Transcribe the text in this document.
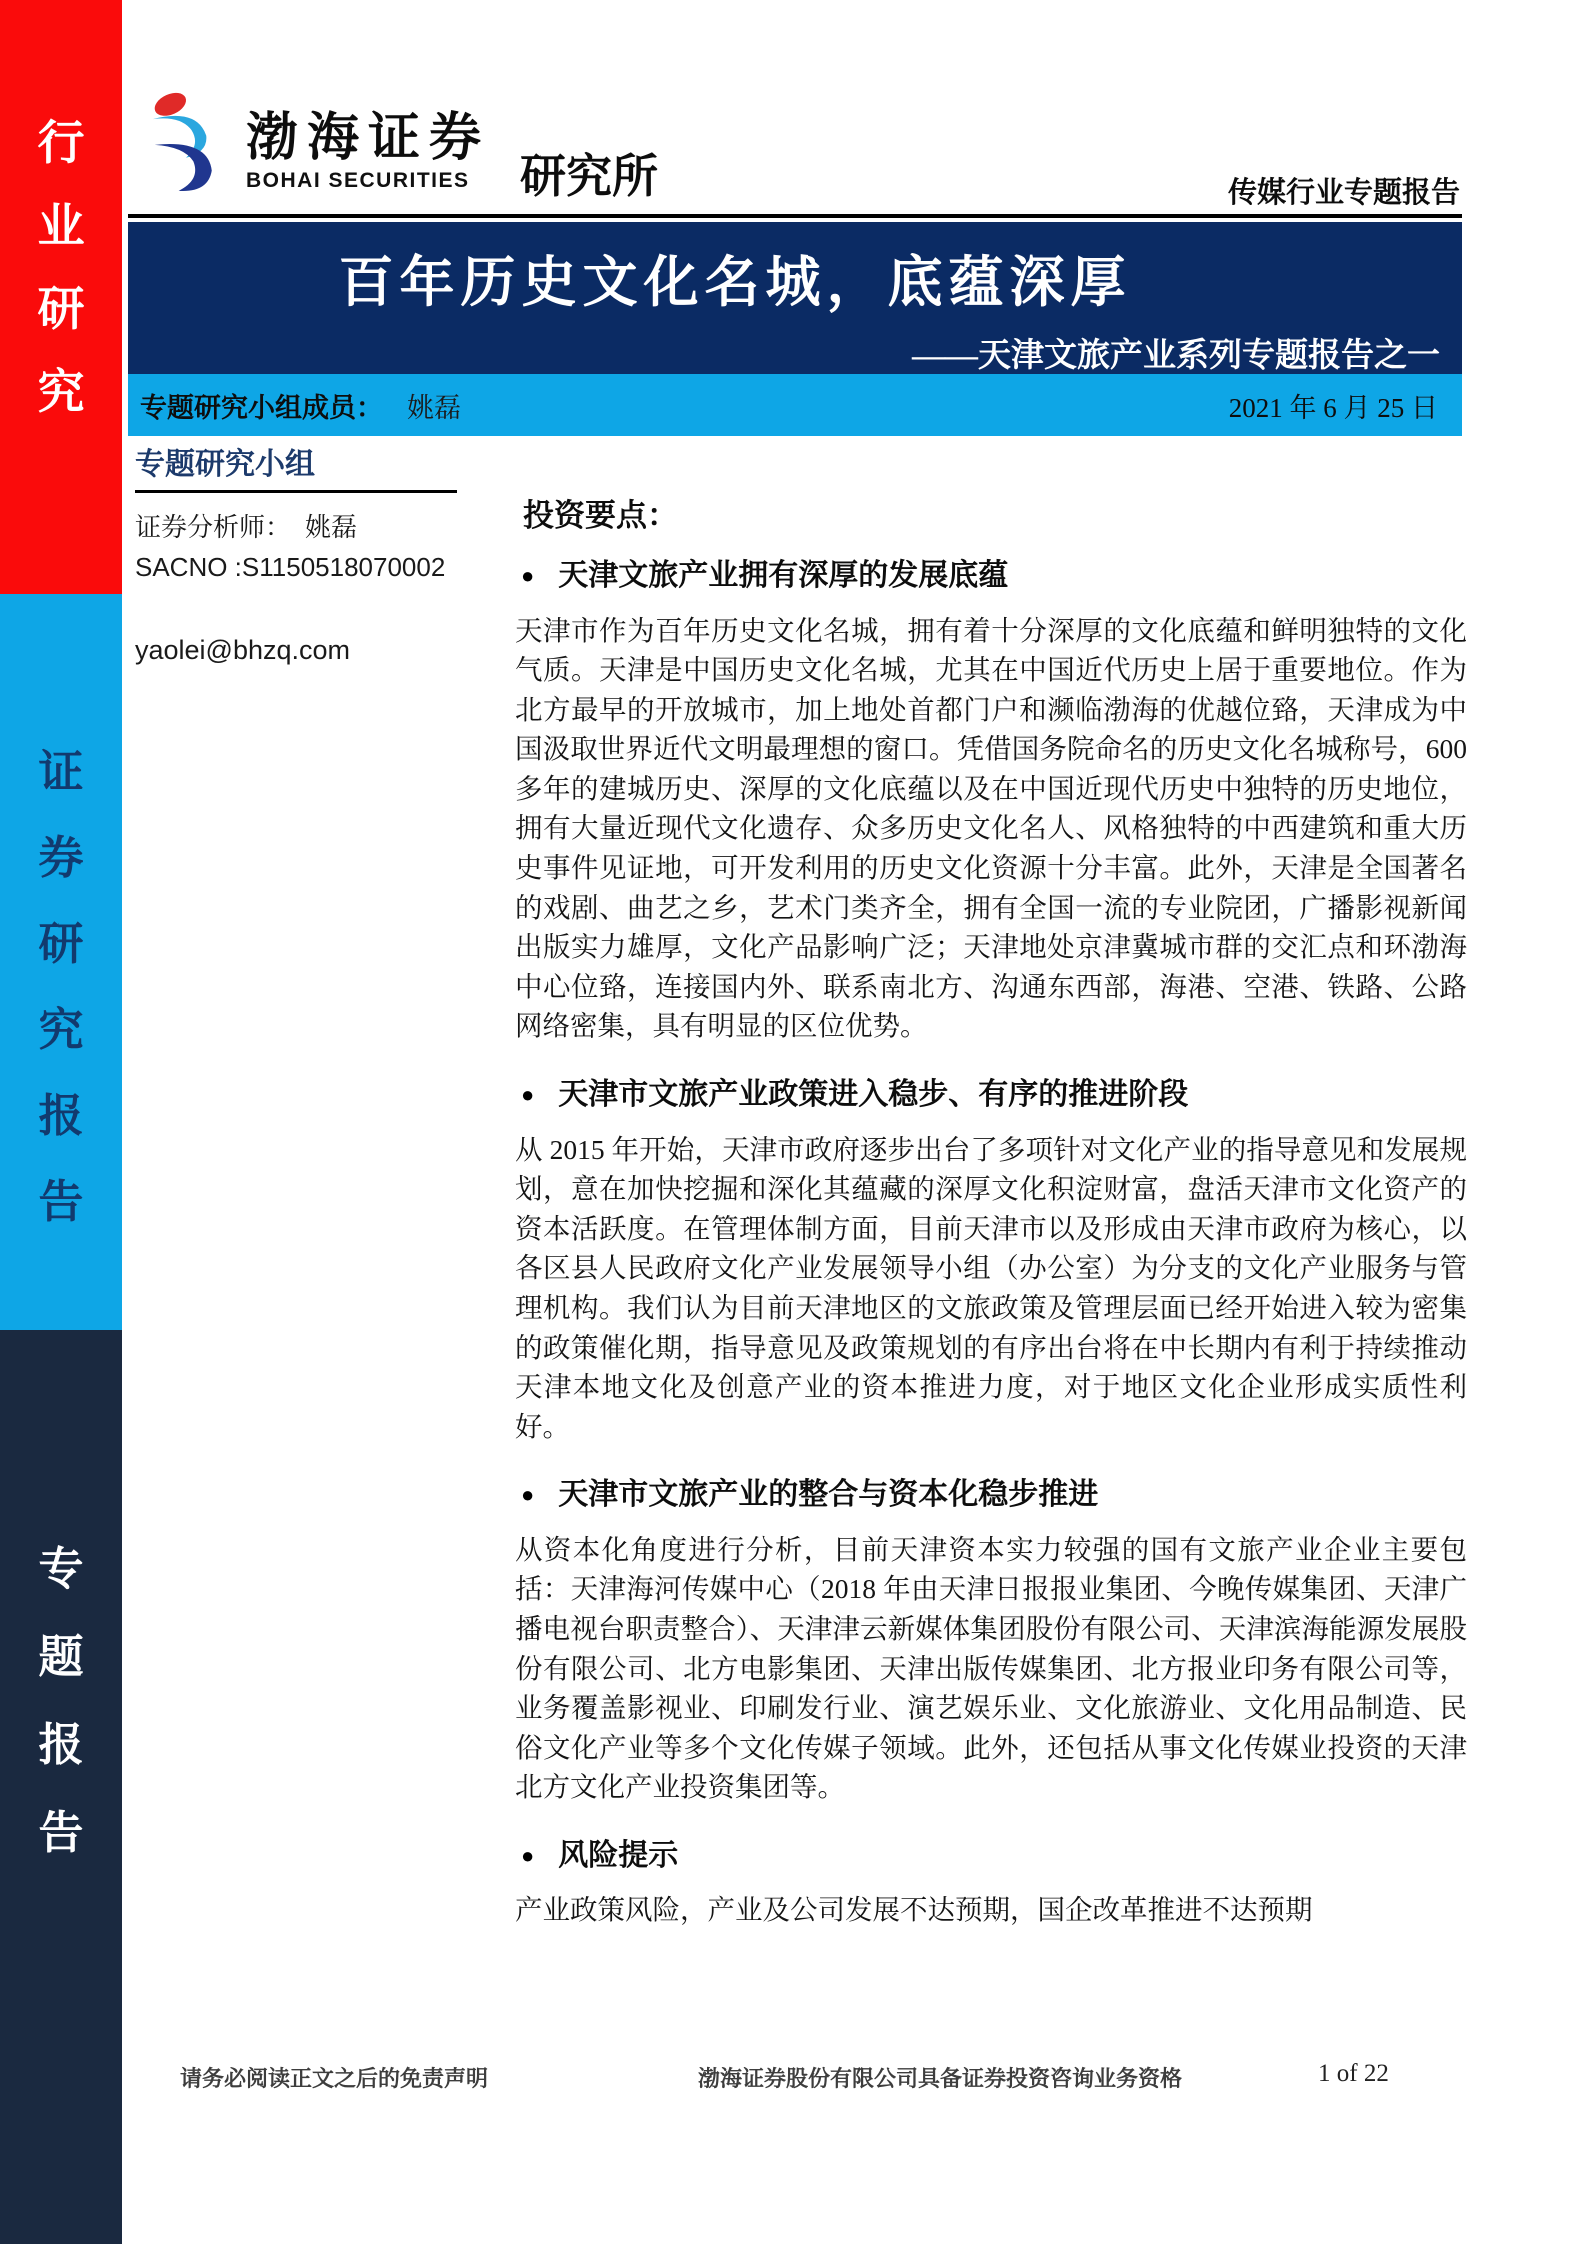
行
业
研
究
证
券
研
究
报
告
专
题
报
告
渤海证券
BOHAI SECURITIES	研究所	传媒行业专题报告
百年历史文化名城，底蕴深厚
——天津文旅产业系列专题报告之一
专题研究小组成员： 姚磊	2021 年 6 月 25 日
专题研究小组
证券分析师： 姚磊
SACNO :S1150518070002
yaolei@bhzq.com
投资要点：
● 天津文旅产业拥有深厚的发展底蕴

天津市作为百年历史文化名城，拥有着十分深厚的文化底蕴和鲜明独特的文化气质。天津是中国历史文化名城，尤其在中国近代历史上居于重要地位。作为北方最早的开放城市，加上地处首都门户和濒临渤海的优越位臵，天津成为中国汲取世界近代文明最理想的窗口。凭借国务院命名的历史文化名城称号，600 多年的建城历史、深厚的文化底蕴以及在中国近现代历史中独特的历史地位，拥有大量近现代文化遗存、众多历史文化名人、风格独特的中西建筑和重大历史事件见证地，可开发利用的历史文化资源十分丰富。此外，天津是全国著名的戏剧、曲艺之乡，艺术门类齐全，拥有全国一流的专业院团，广播影视新闻出版实力雄厚，文化产品影响广泛；天津地处京津冀城市群的交汇点和环渤海中心位臵，连接国内外、联系南北方、沟通东西部，海港、空港、铁路、公路网络密集，具有明显的区位优势。

● 天津市文旅产业政策进入稳步、有序的推进阶段

从 2015 年开始，天津市政府逐步出台了多项针对文化产业的指导意见和发展规划，意在加快挖掘和深化其蕴藏的深厚文化积淀财富，盘活天津市文化资产的资本活跃度。在管理体制方面，目前天津市以及形成由天津市政府为核心，以各区县人民政府文化产业发展领导小组（办公室）为分支的文化产业服务与管理机构。我们认为目前天津地区的文旅政策及管理层面已经开始进入较为密集的政策催化期，指导意见及政策规划的有序出台将在中长期内有利于持续推动天津本地文化及创意产业的资本推进力度，对于地区文化企业形成实质性利好。

● 天津市文旅产业的整合与资本化稳步推进

从资本化角度进行分析，目前天津资本实力较强的国有文旅产业企业主要包括：天津海河传媒中心（2018 年由天津日报报业集团、今晚传媒集团、天津广播电视台职责整合）、天津津云新媒体集团股份有限公司、天津滨海能源发展股份有限公司、北方电影集团、天津出版传媒集团、北方报业印务有限公司等，业务覆盖影视业、印刷发行业、演艺娱乐业、文化旅游业、文化用品制造、民俗文化产业等多个文化传媒子领域。此外，还包括从事文化传媒业投资的天津北方文化产业投资集团等。

● 风险提示

产业政策风险，产业及公司发展不达预期，国企改革推进不达预期

请务必阅读正文之后的免责声明	渤海证券股份有限公司具备证券投资咨询业务资格	1 of 22
